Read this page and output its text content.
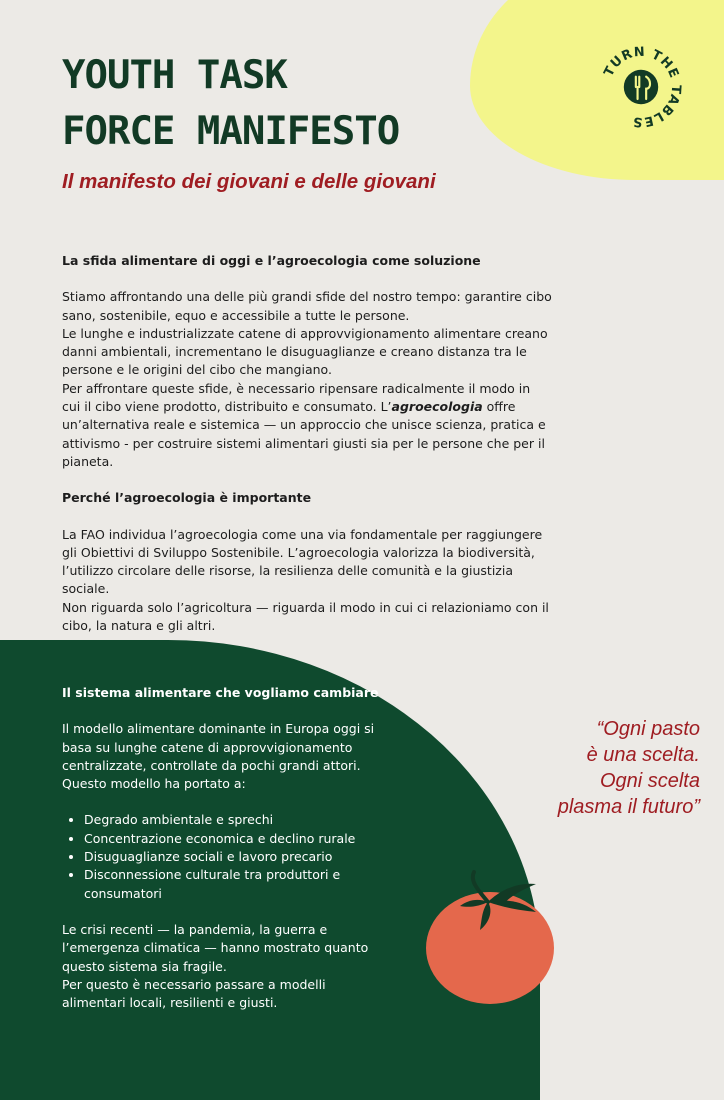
TURN THE TABLES
YOUTH TASK
FORCE MANIFESTO

Il manifesto dei giovani e delle giovani

La sfida alimentare di oggi e l’agroecologia come soluzione

Stiamo affrontando una delle più grandi sfide del nostro tempo: garantire cibo sano, sostenibile, equo e accessibile a tutte le persone.

Le lunghe e industrializzate catene di approvvigionamento alimentare creano danni ambientali, incrementano le disuguaglianze e creano distanza tra le persone e le origini del cibo che mangiano.

Per affrontare queste sfide, è necessario ripensare radicalmente il modo in cui il cibo viene prodotto, distribuito e consumato. L’agroecologia offre un’alternativa reale e sistemica — un approccio che unisce scienza, pratica e attivismo - per costruire sistemi alimentari giusti sia per le persone che per il pianeta.

Perché l’agroecologia è importante

La FAO individua l’agroecologia come una via fondamentale per raggiungere gli Obiettivi di Sviluppo Sostenibile. L’agroecologia valorizza la biodiversità, l’utilizzo circolare delle risorse, la resilienza delle comunità e la giustizia sociale.

Non riguarda solo l’agricoltura — riguarda il modo in cui ci relazioniamo con il cibo, la natura e gli altri.

Il sistema alimentare che vogliamo cambiare

Il modello alimentare dominante in Europa oggi si basa su lunghe catene di approvvigionamento centralizzate, controllate da pochi grandi attori. Questo modello ha portato a:

• Degrado ambientale e sprechi
• Concentrazione economica e declino rurale
• Disuguaglianze sociali e lavoro precario
• Disconnessione culturale tra produttori e consumatori

Le crisi recenti — la pandemia, la guerra e l’emergenza climatica — hanno mostrato quanto questo sistema sia fragile.

Per questo è necessario passare a modelli alimentari locali, resilienti e giusti.

“Ogni pasto
è una scelta.
Ogni scelta
plasma il futuro”
